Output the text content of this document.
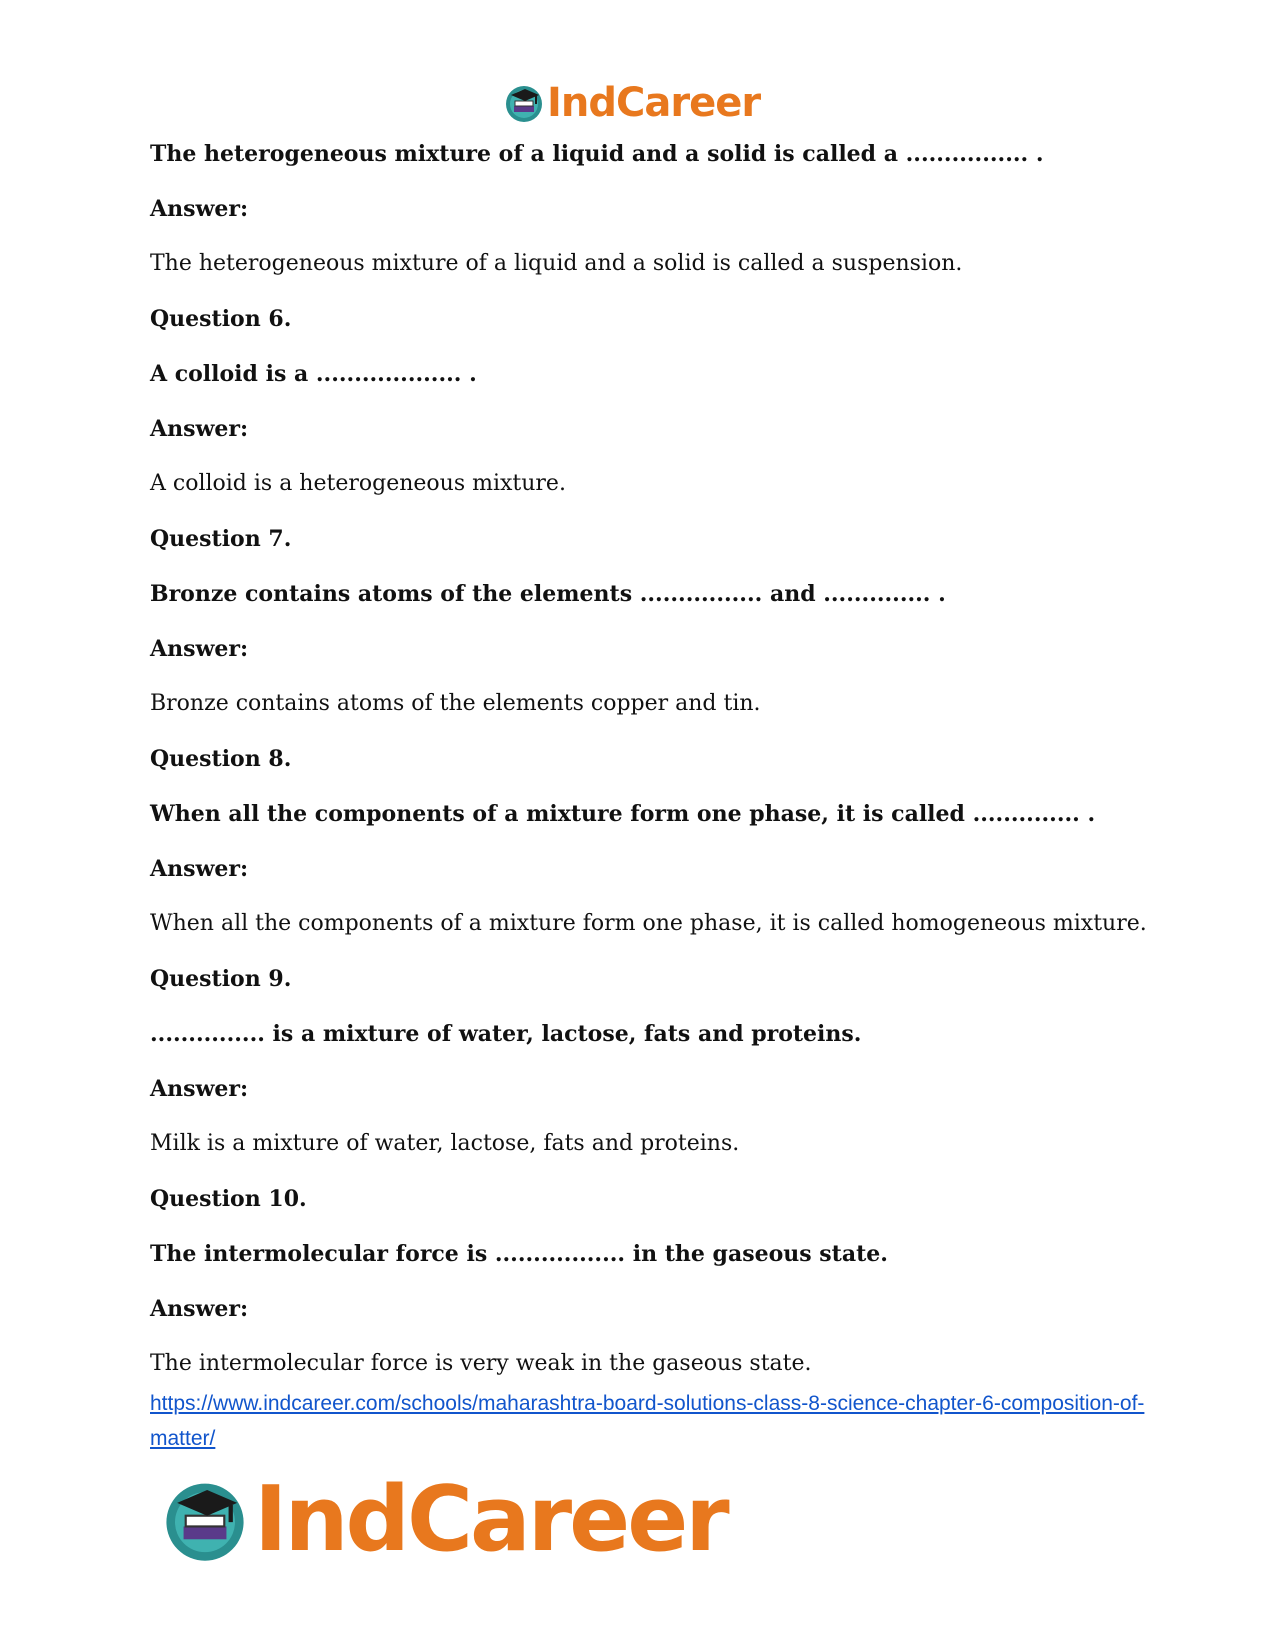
IndCareer

The heterogeneous mixture of a liquid and a solid is called a ................ .

Answer:

The heterogeneous mixture of a liquid and a solid is called a suspension.

Question 6.

A colloid is a ................... .

Answer:

A colloid is a heterogeneous mixture.

Question 7.

Bronze contains atoms of the elements ................ and .............. .

Answer:

Bronze contains atoms of the elements copper and tin.

Question 8.

When all the components of a mixture form one phase, it is called .............. .

Answer:

When all the components of a mixture form one phase, it is called homogeneous mixture.

Question 9.

............... is a mixture of water, lactose, fats and proteins.

Answer:

Milk is a mixture of water, lactose, fats and proteins.

Question 10.

The intermolecular force is ................. in the gaseous state.

Answer:

The intermolecular force is very weak in the gaseous state.

https://www.indcareer.com/schools/maharashtra-board-solutions-class-8-science-chapter-6-composition-of-matter/
IndCareer
